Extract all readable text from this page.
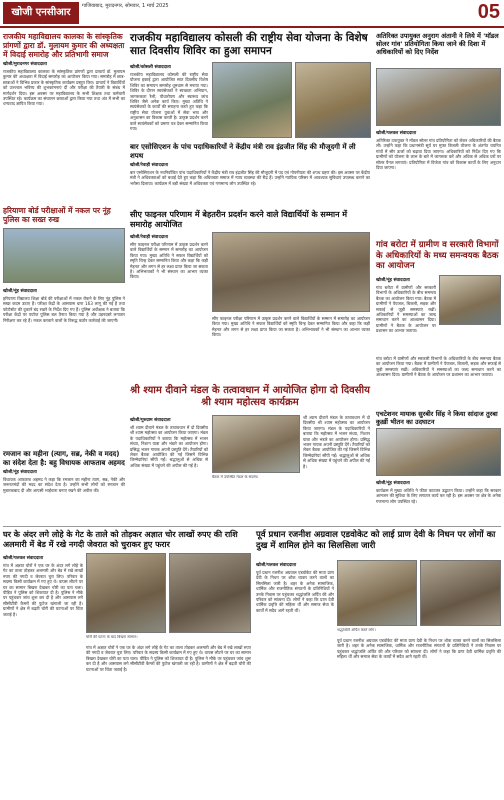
खोजी एनसीआर
गाजियाबाद, मुरादनगर, सोमवार, 1 मार्च 2025	05
राजकीय महाविद्यालय कालका के सांस्कृतिक प्रांगणों द्वारा डॉ. मुलायम कुमार की अध्यक्षता में विदाई समारोह और प्रतिभागी समाज
खोजी/मुरादनगर संवाददाता
राजकीय महाविद्यालय कालका के सांस्कृतिक प्रांगणों द्वारा प्राचार्य डॉ. मुलायम कुमार की अध्यक्षता में विदाई समारोह का आयोजन किया गया। समारोह में छात्र-छात्राओं ने विभिन्न प्रकार के सांस्कृतिक कार्यक्रम प्रस्तुत किए। प्राचार्य ने विद्यार्थियों को उज्ज्वल भविष्य की शुभकामनाएं दीं और परीक्षा की तैयारी के संबंध में मार्गदर्शन दिया। इस अवसर पर महाविद्यालय के सभी शिक्षक तथा कर्मचारी उपस्थित रहे। कार्यक्रम का संचालन छात्राओं द्वारा किया गया तथा अंत में सभी का धन्यवाद ज्ञापित किया गया।
हरियाणा बोर्ड परीक्षाओं में नकल पर नूंह पुलिस का सख्त रुख
खोजी/नूंह संवाददाता
हरियाणा विद्यालय शिक्षा बोर्ड की परीक्षाओं में नकल रोकने के लिए नूंह पुलिस ने सख्त कदम उठाए हैं। परीक्षा केंद्रों के आसपास धारा 163 लागू की गई है तथा फोटोस्टेट की दुकानें बंद रखने के निर्देश दिए गए हैं। पुलिस अधीक्षक ने बताया कि परीक्षा केंद्रों पर पर्याप्त पुलिस बल तैनात किया गया है और उड़नदस्ते लगातार निरीक्षण कर रहे हैं। नकल करवाने वालों के विरुद्ध कठोर कार्रवाई की जाएगी।
रमजान का महीना (त्याग, सब्र, नेकी व मदद) का संदेश देता है: बहु विधायक आफताब अहमद
खोजी/नूंह संवाददाता
विधायक आफताब अहमद ने कहा कि रमजान का महीना त्याग, सब्र, नेकी और जरूरतमंदों की मदद का संदेश देता है। उन्होंने सभी लोगों को रमजान की मुबारकबाद दी और आपसी भाईचारा बनाए रखने की अपील की।
राजकीय महाविद्यालय कोसली की राष्ट्रीय सेवा योजना के विशेष सात दिवसीय शिविर का हुआ समापन
खोजी/कोसली संवाददाता
राजकीय महाविद्यालय कोसली की राष्ट्रीय सेवा योजना इकाई द्वारा आयोजित सात दिवसीय विशेष शिविर का समापन समारोह धूमधाम से मनाया गया। शिविर के दौरान स्वयंसेवकों ने स्वच्छता अभियान, जागरूकता रैली, पौधारोपण और स्वास्थ्य जांच शिविर जैसे अनेक कार्य किए। मुख्य अतिथि ने स्वयंसेवकों के कार्यों की सराहना करते हुए कहा कि राष्ट्रीय सेवा योजना युवाओं में सेवा भाव और अनुशासन का विकास करती है। उत्कृष्ट प्रदर्शन करने वाले स्वयंसेवकों को प्रमाण पत्र देकर सम्मानित किया गया।
बार एसोसिएशन के पांच पदाधिकारियों ने केंद्रीय मंत्री राव इंद्रजीत सिंह की मौजूदगी में ली शपथ
खोजी/रेवाड़ी संवाददाता
बार एसोसिएशन के नवनिर्वाचित पांच पदाधिकारियों ने केंद्रीय मंत्री राव इंद्रजीत सिंह की मौजूदगी में पद एवं गोपनीयता की शपथ ग्रहण की। इस अवसर पर केंद्रीय मंत्री ने अधिवक्ताओं को बधाई देते हुए कहा कि अधिवक्ता समाज में न्याय व्यवस्था की रीढ़ हैं। उन्होंने न्यायिक परिसर में आवश्यक सुविधाएं उपलब्ध कराने का भरोसा दिलाया। कार्यक्रम में बड़ी संख्या में अधिवक्ता एवं गणमान्य लोग उपस्थित रहे।
सीए फाइनल परिणाम में बेहतरीन प्रदर्शन करने वाले विद्यार्थियों के सम्मान में समारोह आयोजित
खोजी/रेवाड़ी संवाददाता
सीए फाइनल परीक्षा परिणाम में उत्कृष्ट प्रदर्शन करने वाले विद्यार्थियों के सम्मान में समारोह का आयोजन किया गया। मुख्य अतिथि ने सफल विद्यार्थियों को स्मृति चिन्ह देकर सम्मानित किया और कहा कि कड़ी मेहनत और लगन से हर लक्ष्य प्राप्त किया जा सकता है। अभिभावकों ने भी संस्थान का आभार व्यक्त किया।
सीए फाइनल परीक्षा परिणाम में उत्कृष्ट प्रदर्शन करने वाले विद्यार्थियों के सम्मान में समारोह का आयोजन किया गया। मुख्य अतिथि ने सफल विद्यार्थियों को स्मृति चिन्ह देकर सम्मानित किया और कहा कि कड़ी मेहनत और लगन से हर लक्ष्य प्राप्त किया जा सकता है। अभिभावकों ने भी संस्थान का आभार व्यक्त किया।
श्री श्याम दीवाने मंडल के तत्वावधान में आयोजित होगा दो दिवसीय श्री श्याम महोत्सव कार्यक्रम
खोजी/गुरुग्राम संवाददाता
श्री श्याम दीवाने मंडल के तत्वावधान में दो दिवसीय श्री श्याम महोत्सव का आयोजन किया जाएगा। मंडल के पदाधिकारियों ने बताया कि महोत्सव में भजन संध्या, निशान यात्रा और भंडारे का आयोजन होगा। प्रसिद्ध भजन गायक अपनी प्रस्तुति देंगे। तैयारियों को लेकर बैठक आयोजित की गई जिसमें विभिन्न जिम्मेदारियां सौंपी गईं। श्रद्धालुओं से अधिक से अधिक संख्या में पहुंचने की अपील की गई है।
श्री श्याम दीवाने मंडल के तत्वावधान में दो दिवसीय श्री श्याम महोत्सव का आयोजन किया जाएगा। मंडल के पदाधिकारियों ने बताया कि महोत्सव में भजन संध्या, निशान यात्रा और भंडारे का आयोजन होगा। प्रसिद्ध भजन गायक अपनी प्रस्तुति देंगे। तैयारियों को लेकर बैठक आयोजित की गई जिसमें विभिन्न जिम्मेदारियां सौंपी गईं। श्रद्धालुओं से अधिक से अधिक संख्या में पहुंचने की अपील की गई है।
बैठक में उपस्थित मंडल के सदस्य।
अतिरिक्त उपायुक्त अनुराग अंतानी ने लिये में 'मॉडल सोलर गांव' प्रतियोगिता किया जाने की दिशा में अधिकारियों को दिए निर्देश
खोजी/पलवल संवाददाता
अतिरिक्त उपायुक्त ने मॉडल सोलर गांव प्रतियोगिता को लेकर अधिकारियों की बैठक ली। उन्होंने कहा कि प्रधानमंत्री सूर्य घर मुफ्त बिजली योजना के अंतर्गत चयनित गांवों में सौर ऊर्जा को बढ़ावा दिया जाएगा। अधिकारियों को निर्देश दिए गए कि ग्रामीणों को योजना के लाभ के बारे में जागरूक करें और अधिक से अधिक घरों पर सोलर पैनल लगवाएं। प्रतियोगिता में विजेता गांव को विकास कार्यों के लिए अनुदान दिया जाएगा।
गांव बरोटा में ग्रामीण व सरकारी विभागों के अधिकारियों के मध्य समन्वयक बैठक का आयोजन
खोजी/नूंह संवाददाता
गांव बरोटा में ग्रामीणों और सरकारी विभागों के अधिकारियों के बीच समन्वय बैठक का आयोजन किया गया। बैठक में ग्रामीणों ने पेयजल, बिजली, सड़क और सफाई से जुड़ी समस्याएं रखीं। अधिकारियों ने समस्याओं का जल्द समाधान करने का आश्वासन दिया। ग्रामीणों ने बैठक के आयोजन पर प्रशासन का आभार जताया।
गांव बरोटा में ग्रामीणों और सरकारी विभागों के अधिकारियों के बीच समन्वय बैठक का आयोजन किया गया। बैठक में ग्रामीणों ने पेयजल, बिजली, सड़क और सफाई से जुड़ी समस्याएं रखीं। अधिकारियों ने समस्याओं का जल्द समाधान करने का आश्वासन दिया। ग्रामीणों ने बैठक के आयोजन पर प्रशासन का आभार जताया।
एचटेशनर मायाक सुरबीर सिंह ने किया सांदाज तुरबा कुख़ीं भीतन का उदघाटन
खोजी/नूंह संवाददाता
कार्यक्रम में मुख्य अतिथि ने फीता काटकर उद्घाटन किया। उन्होंने कहा कि सरकार आमजन की सुविधा के लिए लगातार कार्य कर रही है। इस अवसर पर क्षेत्र के अनेक गणमान्य लोग उपस्थित रहे।
घर के अंदर लगे लोहे के गेट के ताले को तोड़कर अज्ञात चोर लाखों रुपए की राशि अलमारी में बेड में रखे नगदी जेवरात को चुराकर हुए फरार
खोजी/पलवल संवाददाता
गांव में अज्ञात चोरों ने एक घर के अंदर लगे लोहे के गेट का ताला तोड़कर अलमारी और बेड में रखे लाखों रुपए की नगदी व जेवरात चुरा लिए। परिवार के सदस्य किसी कार्यक्रम में गए हुए थे। वापस लौटने पर घर का सामान बिखरा देखकर चोरी का पता चला। पीड़ित ने पुलिस को शिकायत दी है। पुलिस ने मौके पर पहुंचकर जांच शुरू कर दी है और आसपास लगे सीसीटीवी कैमरों की फुटेज खंगाली जा रही है। ग्रामीणों ने क्षेत्र में बढ़ती चोरी की घटनाओं पर चिंता जताई है।
चोरी की घटना के बाद बिखरा सामान।
गांव में अज्ञात चोरों ने एक घर के अंदर लगे लोहे के गेट का ताला तोड़कर अलमारी और बेड में रखे लाखों रुपए की नगदी व जेवरात चुरा लिए। परिवार के सदस्य किसी कार्यक्रम में गए हुए थे। वापस लौटने पर घर का सामान बिखरा देखकर चोरी का पता चला। पीड़ित ने पुलिस को शिकायत दी है। पुलिस ने मौके पर पहुंचकर जांच शुरू कर दी है और आसपास लगे सीसीटीवी कैमरों की फुटेज खंगाली जा रही है। ग्रामीणों ने क्षेत्र में बढ़ती चोरी की घटनाओं पर चिंता जताई है।
पूर्व प्रधान रजनीश अग्रवाल एडवोकेट को लाई प्राण देवी के निधन पर लोगों का दुख में शामिल होने का सिलसिला जारी
खोजी/पलवल संवाददाता
पूर्व प्रधान रजनीश अग्रवाल एडवोकेट की माता प्राण देवी के निधन पर शोक व्यक्त करने वालों का सिलसिला जारी है। शहर के अनेक सामाजिक, धार्मिक और राजनीतिक संगठनों के प्रतिनिधियों ने उनके निवास पर पहुंचकर श्रद्धांजलि अर्पित की और परिवार को सांत्वना दी। लोगों ने कहा कि प्राण देवी धार्मिक प्रवृत्ति की महिला थीं और समाज सेवा के कार्यों में सदैव आगे रहती थीं।
श्रद्धांजलि अर्पित करते लोग।
पूर्व प्रधान रजनीश अग्रवाल एडवोकेट की माता प्राण देवी के निधन पर शोक व्यक्त करने वालों का सिलसिला जारी है। शहर के अनेक सामाजिक, धार्मिक और राजनीतिक संगठनों के प्रतिनिधियों ने उनके निवास पर पहुंचकर श्रद्धांजलि अर्पित की और परिवार को सांत्वना दी। लोगों ने कहा कि प्राण देवी धार्मिक प्रवृत्ति की महिला थीं और समाज सेवा के कार्यों में सदैव आगे रहती थीं।
